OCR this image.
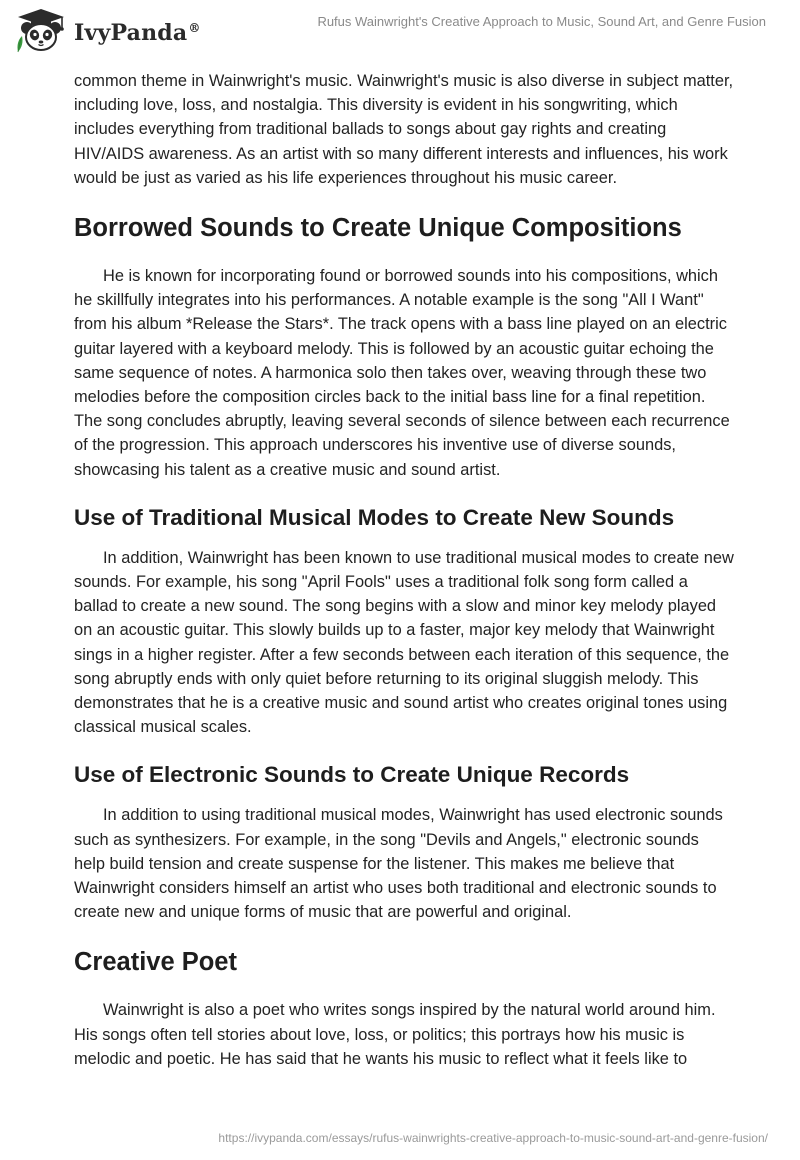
IvyPanda®	Rufus Wainwright's Creative Approach to Music, Sound Art, and Genre Fusion

common theme in Wainwright's music. Wainwright's music is also diverse in subject matter, including love, loss, and nostalgia. This diversity is evident in his songwriting, which includes everything from traditional ballads to songs about gay rights and creating HIV/AIDS awareness. As an artist with so many different interests and influences, his work would be just as varied as his life experiences throughout his music career.

Borrowed Sounds to Create Unique Compositions

He is known for incorporating found or borrowed sounds into his compositions, which he skillfully integrates into his performances. A notable example is the song "All I Want" from his album *Release the Stars*. The track opens with a bass line played on an electric guitar layered with a keyboard melody. This is followed by an acoustic guitar echoing the same sequence of notes. A harmonica solo then takes over, weaving through these two melodies before the composition circles back to the initial bass line for a final repetition. The song concludes abruptly, leaving several seconds of silence between each recurrence of the progression. This approach underscores his inventive use of diverse sounds, showcasing his talent as a creative music and sound artist.

Use of Traditional Musical Modes to Create New Sounds

In addition, Wainwright has been known to use traditional musical modes to create new sounds. For example, his song "April Fools" uses a traditional folk song form called a ballad to create a new sound. The song begins with a slow and minor key melody played on an acoustic guitar. This slowly builds up to a faster, major key melody that Wainwright sings in a higher register. After a few seconds between each iteration of this sequence, the song abruptly ends with only quiet before returning to its original sluggish melody. This demonstrates that he is a creative music and sound artist who creates original tones using classical musical scales.

Use of Electronic Sounds to Create Unique Records

In addition to using traditional musical modes, Wainwright has used electronic sounds such as synthesizers. For example, in the song "Devils and Angels," electronic sounds help build tension and create suspense for the listener. This makes me believe that Wainwright considers himself an artist who uses both traditional and electronic sounds to create new and unique forms of music that are powerful and original.

Creative Poet

Wainwright is also a poet who writes songs inspired by the natural world around him. His songs often tell stories about love, loss, or politics; this portrays how his music is melodic and poetic. He has said that he wants his music to reflect what it feels like to

https://ivypanda.com/essays/rufus-wainwrights-creative-approach-to-music-sound-art-and-genre-fusion/
